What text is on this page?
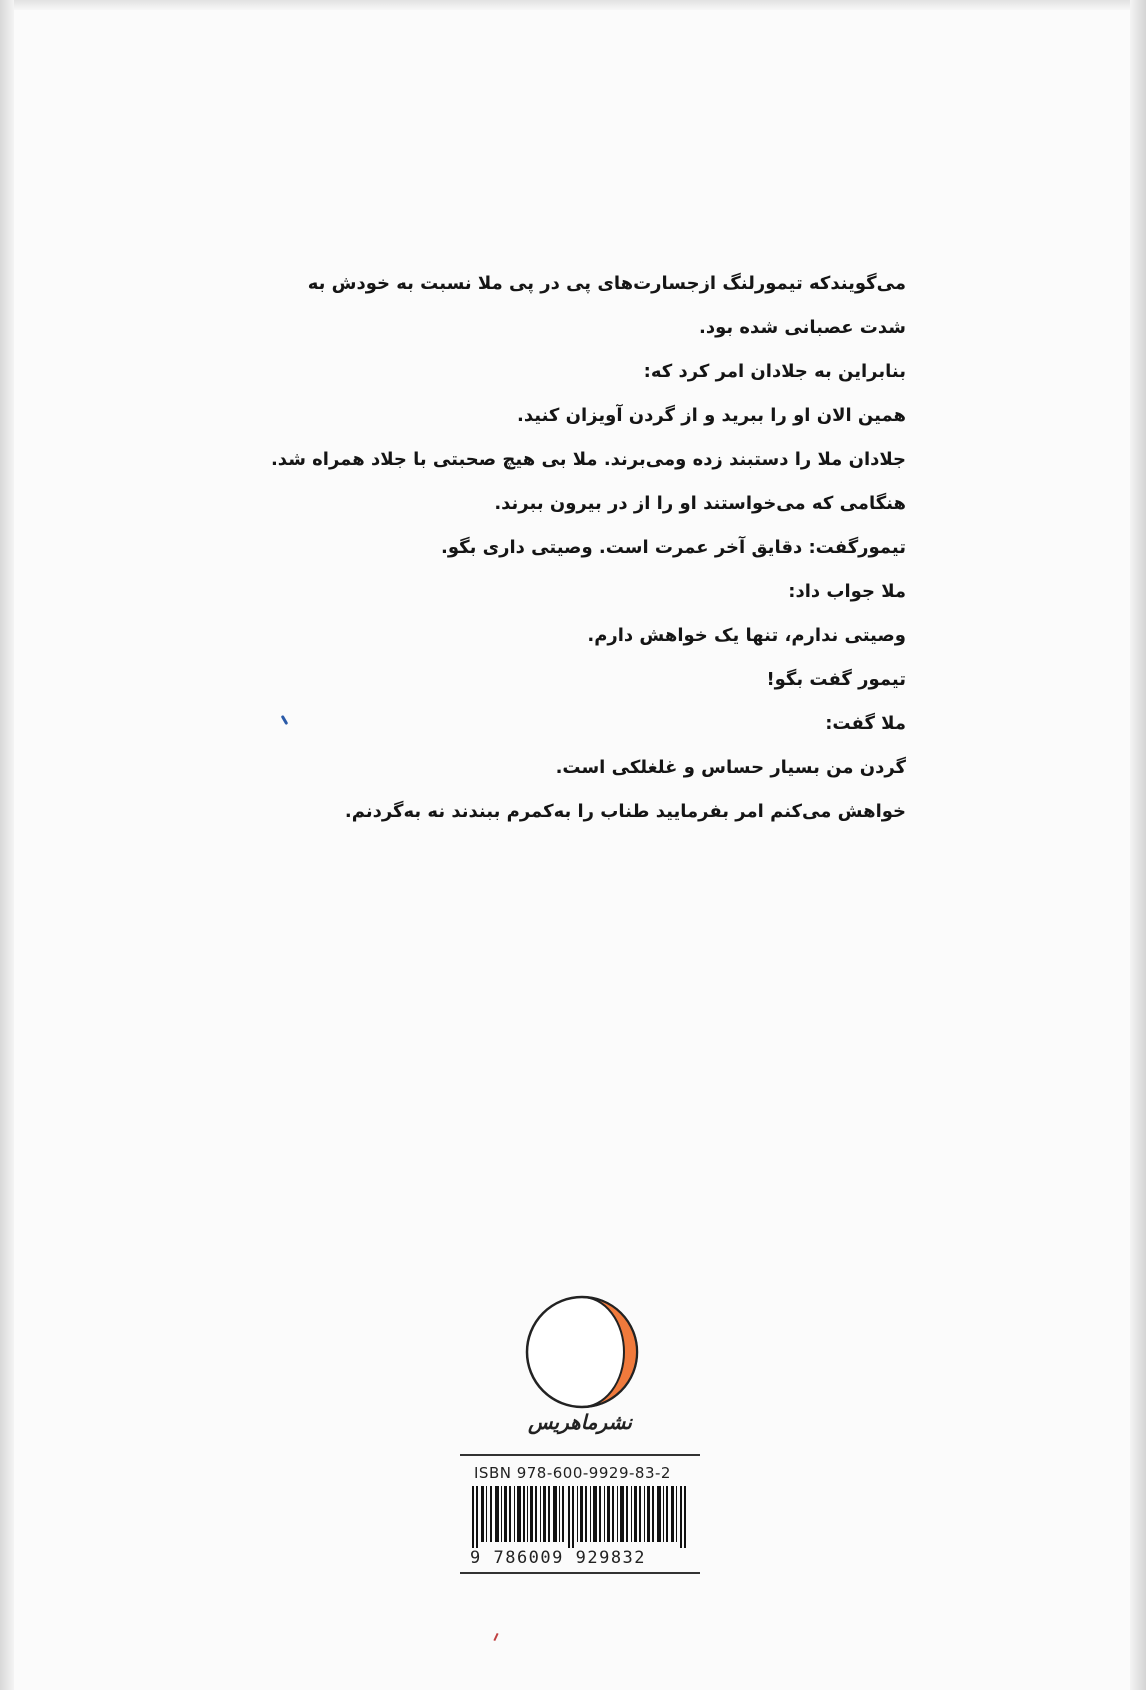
می‌گویندکه تیمورلنگ ازجسارت‌های پی در پی ملا نسبت به خودش به
شدت عصبانی شده بود.
بنابراین به جلادان امر کرد که:
همین الان او را ببرید و از گردن آویزان کنید.
جلادان ملا را دستبند زده ومی‌برند. ملا بی هیچ صحبتی با جلاد همراه شد.
هنگامی که می‌خواستند او را از در بیرون ببرند.
تیمورگفت: دقایق آخر عمرت است. وصیتی داری بگو.
ملا جواب داد:
وصیتی ندارم، تنها یک خواهش دارم.
تیمور گفت بگو!
ملا گفت:
گردن من بسیار حساس و غلغلکی است.
خواهش می‌کنم امر بفرمایید طناب را به‌کمرم ببندند نه به‌گردنم.
نشرماهریس
ISBN 978-600-9929-83-2
9 786009 929832
